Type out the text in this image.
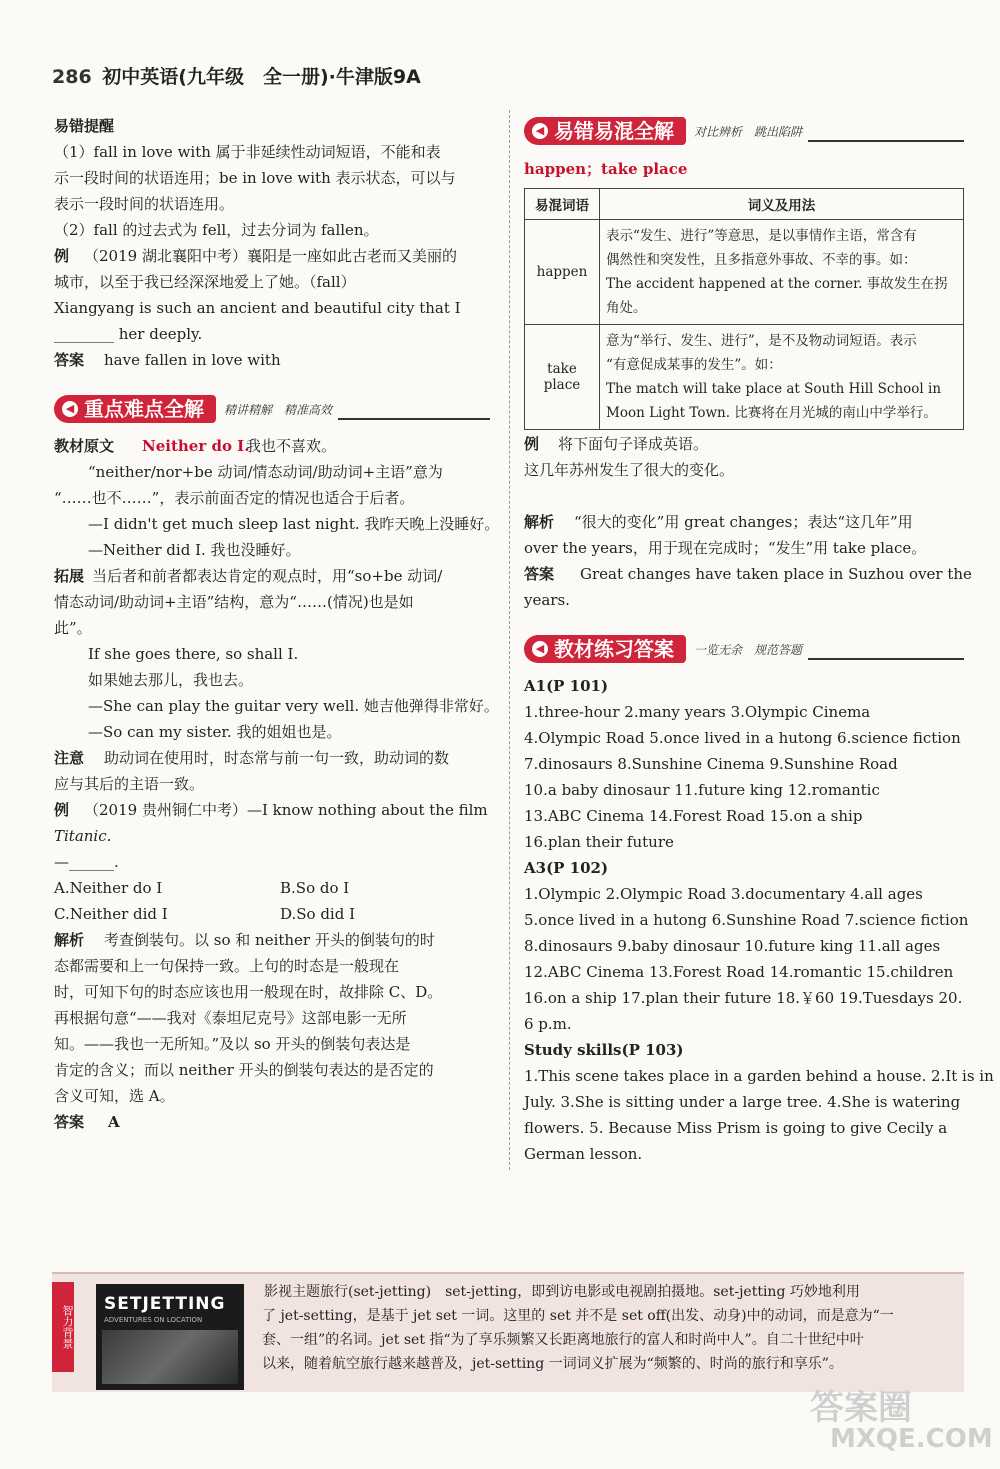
286 初中英语(九年级　全一册)·牛津版9A
易错提醒
（1）fall in love with 属于非延续性动词短语，不能和表
示一段时间的状语连用；be in love with 表示状态，可以与
表示一段时间的状语连用。
（2）fall 的过去式为 fell，过去分词为 fallen。
例 （2019 湖北襄阳中考）襄阳是一座如此古老而又美丽的
城市，以至于我已经深深地爱上了她。（fall）
Xiangyang is such an ancient and beautiful city that I
________ her deeply.
答案 have fallen in love with
◀ 重点难点全解	精讲精解　精准高效
教材原文 Neither do I.
我也不喜欢。
“neither/nor+be 动词/情态动词/助动词+主语”意为
“……也不……”，表示前面否定的情况也适合于后者。
—I didn't get much sleep last night. 我昨天晚上没睡好。
—Neither did I. 我也没睡好。
拓展 当后者和前者都表达肯定的观点时，用“so+be 动词/
情态动词/助动词+主语”结构，意为“……(情况)也是如
此”。
If she goes there, so shall I.
如果她去那儿，我也去。
—She can play the guitar very well. 她吉他弹得非常好。
—So can my sister. 我的姐姐也是。
注意 助动词在使用时，时态常与前一句一致，助动词的数
应与其后的主语一致。
例 （2019 贵州铜仁中考）—I know nothing about the film
Titanic.
—______.
A.Neither do I	B.So do I
C.Neither did I	D.So did I
解析 考查倒装句。以 so 和 neither 开头的倒装句的时
态都需要和上一句保持一致。上句的时态是一般现在
时，可知下句的时态应该也用一般现在时，故排除 C、D。
再根据句意“——我对《泰坦尼克号》这部电影一无所
知。——我也一无所知。”及以 so 开头的倒装句表达是
肯定的含义；而以 neither 开头的倒装句表达的是否定的
含义可知，选 A。
答案 A
◀ 易错易混全解	对比辨析　跳出陷阱
happen；take place
易混词语	词义及用法
happen	表示“发生、进行”等意思，是以事情作主语，常含有
偶然性和突发性，且多指意外事故、不幸的事。如：
The accident happened at the corner. 事故发生在拐
角处。

take place	意为“举行、发生、进行”，是不及物动词短语。表示
“有意促成某事的发生”。如：
The match will take place at South Hill School in
Moon Light Town. 比赛将在月光城的南山中学举行。
例 将下面句子译成英语。
这几年苏州发生了很大的变化。
解析 “很大的变化”用 great changes；表达“这几年”用
over the years，用于现在完成时；“发生”用 take place。
答案 Great changes have taken place in Suzhou over the
years.
◀ 教材练习答案	一览无余　规范答题
A1(P 101)
1.three-hour 2.many years 3.Olympic Cinema
4.Olympic Road 5.once lived in a hutong 6.science fiction
7.dinosaurs 8.Sunshine Cinema 9.Sunshine Road
10.a baby dinosaur 11.future king 12.romantic
13.ABC Cinema 14.Forest Road 15.on a ship
16.plan their future
A3(P 102)
1.Olympic 2.Olympic Road 3.documentary 4.all ages
5.once lived in a hutong 6.Sunshine Road 7.science fiction
8.dinosaurs 9.baby dinosaur 10.future king 11.all ages
12.ABC Cinema 13.Forest Road 14.romantic 15.children
16.on a ship 17.plan their future 18.￥60 19.Tuesdays 20.
6 p.m.
Study skills(P 103)
1.This scene takes place in a garden behind a house. 2.It is in
July. 3.She is sitting under a large tree. 4.She is watering
flowers. 5. Because Miss Prism is going to give Cecily a
German lesson.
智力背景
SETJETTING
ADVENTURES ON LOCATION
影视主题旅行(set-jetting)　set-jetting，即到访电影或电视剧拍摄地。set-jetting 巧妙地利用
了 jet-setting，是基于 jet set 一词。这里的 set 并不是 set off(出发、动身)中的动词，而是意为“一
套、一组”的名词。jet set 指“为了享乐频繁又长距离地旅行的富人和时尚中人”。自二十世纪中叶
以来，随着航空旅行越来越普及，jet-setting 一词词义扩展为“频繁的、时尚的旅行和享乐”。
答案圈
MXQE.COM
